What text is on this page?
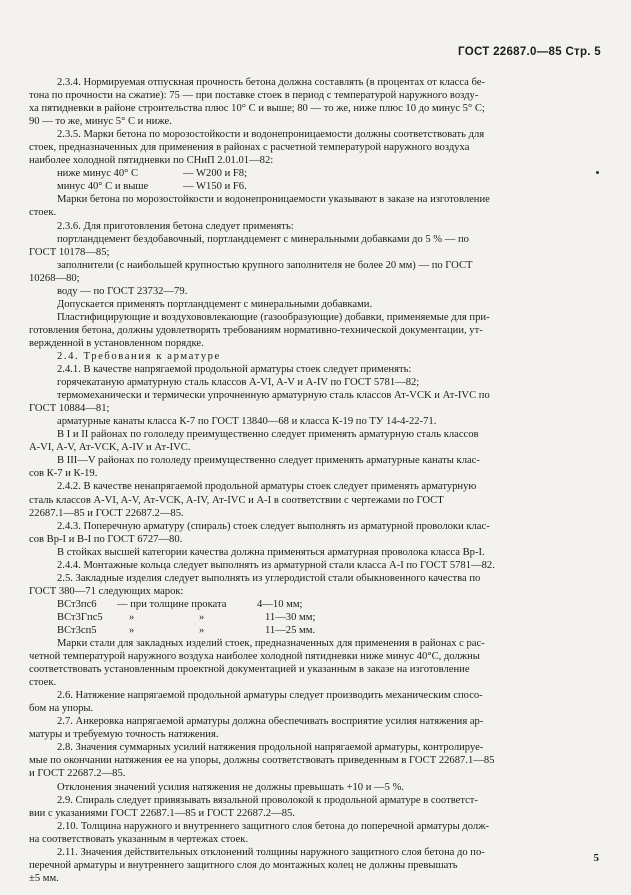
ГОСТ 22687.0—85 Стр. 5

2.3.4. Нормируемая отпускная прочность бетона должна составлять (в процентах от класса бе-

тона по прочности на сжатие): 75 — при поставке стоек в период с температурой наружного возду-

ха пятидневки в районе строительства плюс 10° С и выше; 80 — то же, ниже плюс 10 до минус 5° С;

90 — то же, минус 5° С и ниже.

2.3.5. Марки бетона по морозостойкости и водонепроницаемости должны соответствовать для

стоек, предназначенных для применения в районах с расчетной температурой наружного воздуха

наиболее холодной пятидневки по СНиП 2.01.01—82:

ниже минус 40° С	— W200 и F8;
минус 40° С и выше	— W150 и F6.

Марки бетона по морозостойкости и водонепроницаемости указывают в заказе на изготовление

стоек.

2.3.6. Для приготовления бетона следует применять:

портландцемент бездобавочный, портландцемент с минеральными добавками до 5 % — по

ГОСТ 10178—85;

заполнители (с наибольшей крупностью крупного заполнителя не более 20 мм) — по ГОСТ

10268—80;

воду — по ГОСТ 23732—79.

Допускается применять портландцемент с минеральными добавками.

Пластифицирующие и воздухововлекающие (газообразующие) добавки, применяемые для при-

готовления бетона, должны удовлетворять требованиям нормативно-технической документации, ут-

вержденной в установленном порядке.

2.4. Требования к арматуре

2.4.1. В качестве напрягаемой продольной арматуры стоек следует применять:

горячекатаную арматурную сталь классов A-VI, A-V и A-IV по ГОСТ 5781—82;

термомеханически и термически упрочненную арматурную сталь классов Ат-VCK и Ат-IVC по

ГОСТ 10884—81;

арматурные канаты класса К-7 по ГОСТ 13840—68 и класса К-19 по ТУ 14-4-22-71.

В I и II районах по гололеду преимущественно следует применять арматурную сталь классов

A-VI, A-V, Ат-VCK, A-IV и Ат-IVC.

В III—V районах по гололеду преимущественно следует применять арматурные канаты клас-

сов К-7 и К-19.

2.4.2. В качестве ненапрягаемой продольной арматуры стоек следует применять арматурную

сталь классов A-VI, A-V, Ат-VCK, A-IV, Ат-IVC и A-I в соответствии с чертежами по ГОСТ

22687.1—85 и ГОСТ 22687.2—85.

2.4.3. Поперечную арматуру (спираль) стоек следует выполнять из арматурной проволоки клас-

сов Вр-I и В-I по ГОСТ 6727—80.

В стойках высшей категории качества должна применяться арматурная проволока класса Вр-I.

2.4.4. Монтажные кольца следует выполнять из арматурной стали класса A-I по ГОСТ 5781—82.

2.5. Закладные изделия следует выполнять из углеродистой стали обыкновенного качества по

ГОСТ 380—71 следующих марок:

ВСт3пс6	— при толщине проката	4—10 мм;
ВСт3Гпс5	»	»	11—30 мм;
ВСт3сп5	»	»	11—25 мм.

Марки стали для закладных изделий стоек, предназначенных для применения в районах с рас-

четной температурой наружного воздуха наиболее холодной пятидневки ниже минус 40°С, должны

соответствовать установленным проектной документацией и указанным в заказе на изготовление

стоек.

2.6. Натяжение напрягаемой продольной арматуры следует производить механическим спосо-

бом на упоры.

2.7. Анкеровка напрягаемой арматуры должна обеспечивать восприятие усилия натяжения ар-

матуры и требуемую точность натяжения.

2.8. Значения суммарных усилий натяжения продольной напрягаемой арматуры, контролируе-

мые по окончании натяжения ее на упоры, должны соответствовать приведенным в ГОСТ 22687.1—85

и ГОСТ 22687.2—85.

Отклонения значений усилия натяжения не должны превышать +10 и —5 %.

2.9. Спираль следует привязывать вязальной проволокой к продольной арматуре в соответст-

вии с указаниями ГОСТ 22687.1—85 и ГОСТ 22687.2—85.

2.10. Толщина наружного и внутреннего защитного слоя бетона до поперечной арматуры долж-

на соответствовать указанным в чертежах стоек.

2.11. Значения действительных отклонений толщины наружного защитного слоя бетона до по-

перечной арматуры и внутреннего защитного слоя до монтажных колец не должны превышать

±5 мм.

5
